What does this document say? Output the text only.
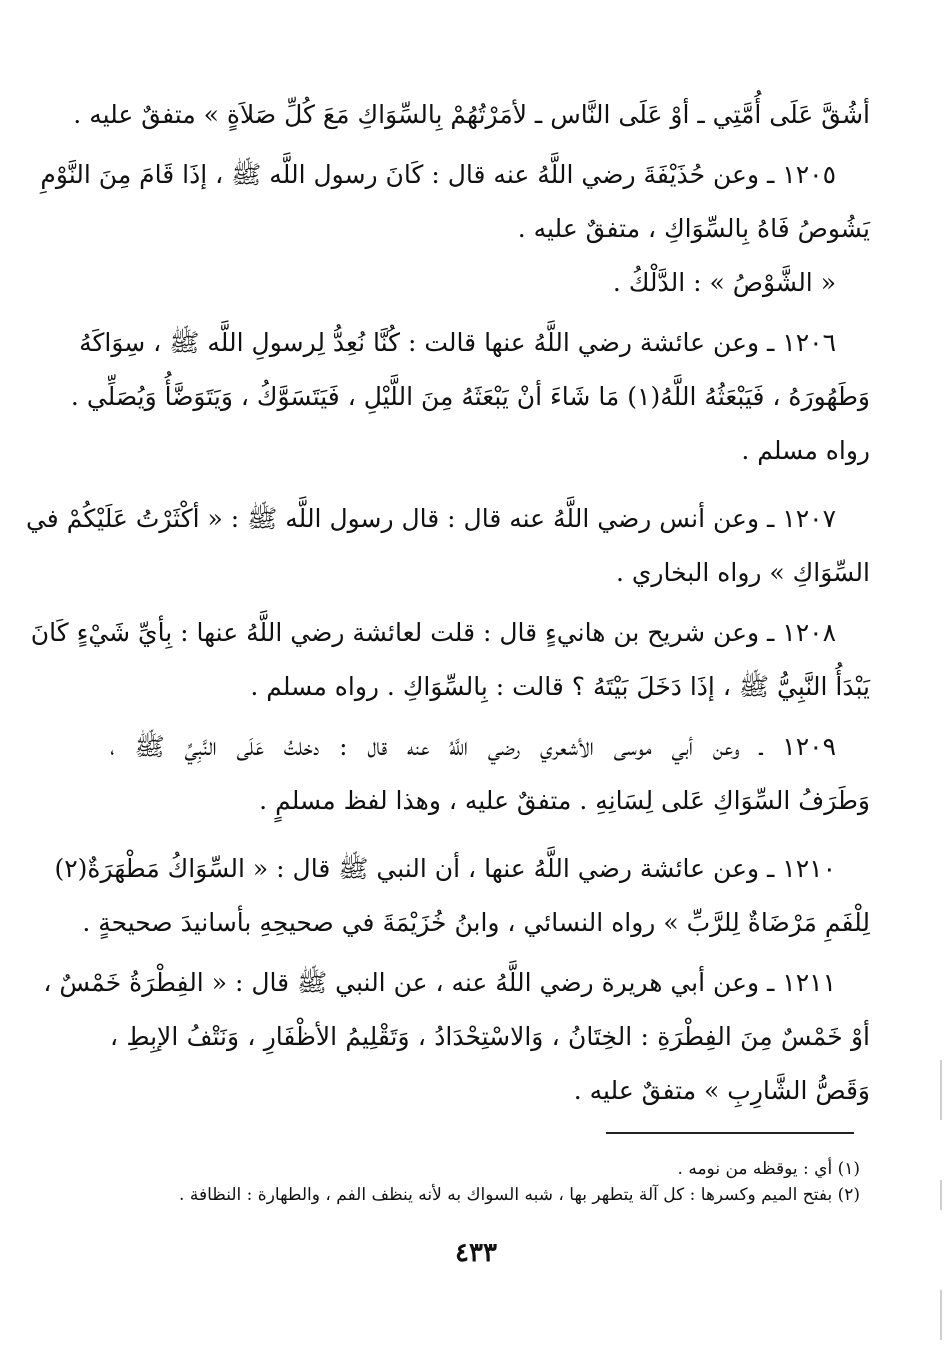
أشُقَّ عَلَى أُمَّتِي ـ أوْ عَلَى النَّاس ـ لأمَرْتُهُمْ بِالسِّوَاكِ مَعَ كُلِّ صَلاَةٍ » متفقٌ عليه .
١٢٠٥ ـ وعن حُذَيْفَةَ رضي اللَّهُ عنه قال : كَانَ رسول اللَّه ﷺ ، إذَا قَامَ مِنَ النَّوْمِ
يَشُوصُ فَاهُ بِالسِّوَاكِ ، متفقٌ عليه .
« الشَّوْصُ » : الدَّلْكُ .
١٢٠٦ ـ وعن عائشة رضي اللَّهُ عنها قالت : كُنَّا نُعِدُّ لِرسولِ اللَّه ﷺ ، سِوَاكَهُ
وَطَهُورَهُ ، فَيَبْعَثُهُ اللَّهُ(١) مَا شَاءَ أنْ يَبْعَثَهُ مِنَ اللَّيْلِ ، فَيَتَسَوَّكُ ، وَيَتَوَضَّأُ وَيُصَلِّي .
رواه مسلم .
١٢٠٧ ـ وعن أنس رضي اللَّهُ عنه قال : قال رسول اللَّه ﷺ : « أكْثَرْتُ عَلَيْكُمْ في
السِّوَاكِ » رواه البخاري .
١٢٠٨ ـ وعن شريح بن هانيءٍ قال : قلت لعائشة رضي اللَّهُ عنها : بِأيِّ شَيْءٍ كَانَ
يَبْدَأُ النَّبِيُّ ﷺ ، إذَا دَخَلَ بَيْتَهُ ؟ قالت : بِالسِّوَاكِ . رواه مسلم .
١٢٠٩ ـ وعن أبي موسى الأشعري رضي اللَّهُ عنه قال : دخلتُ عَلَى النَّبِيِّ ﷺ ،
وَطَرَفُ السِّوَاكِ عَلى لِسَانِهِ . متفقٌ عليه ، وهذا لفظ مسلمٍ .
١٢١٠ ـ وعن عائشة رضي اللَّهُ عنها ، أن النبي ﷺ قال : « السِّوَاكُ مَطْهَرَةٌ(٢)
لِلْفَمِ مَرْضَاةٌ لِلرَّبِّ » رواه النسائي ، وابنُ خُزَيْمَةَ في صحيحِهِ بأسانيدَ صحيحةٍ .
١٢١١ ـ وعن أبي هريرة رضي اللَّهُ عنه ، عن النبي ﷺ قال : « الفِطْرَةُ خَمْسٌ ،
أوْ خَمْسٌ مِنَ الفِطْرَةِ : الخِتَانُ ، وَالاسْتِحْدَادُ ، وَتَقْلِيمُ الأظْفَارِ ، وَنَتْفُ الإبِطِ ،
وَقَصُّ الشَّارِبِ » متفقٌ عليه .
(١) أي : يوقظه من نومه .
(٢) بفتح الميم وكسرها : كل آلة يتطهر بها ، شبه السواك به لأنه ينظف الفم ، والطهارة : النظافة .
٤٣٣
